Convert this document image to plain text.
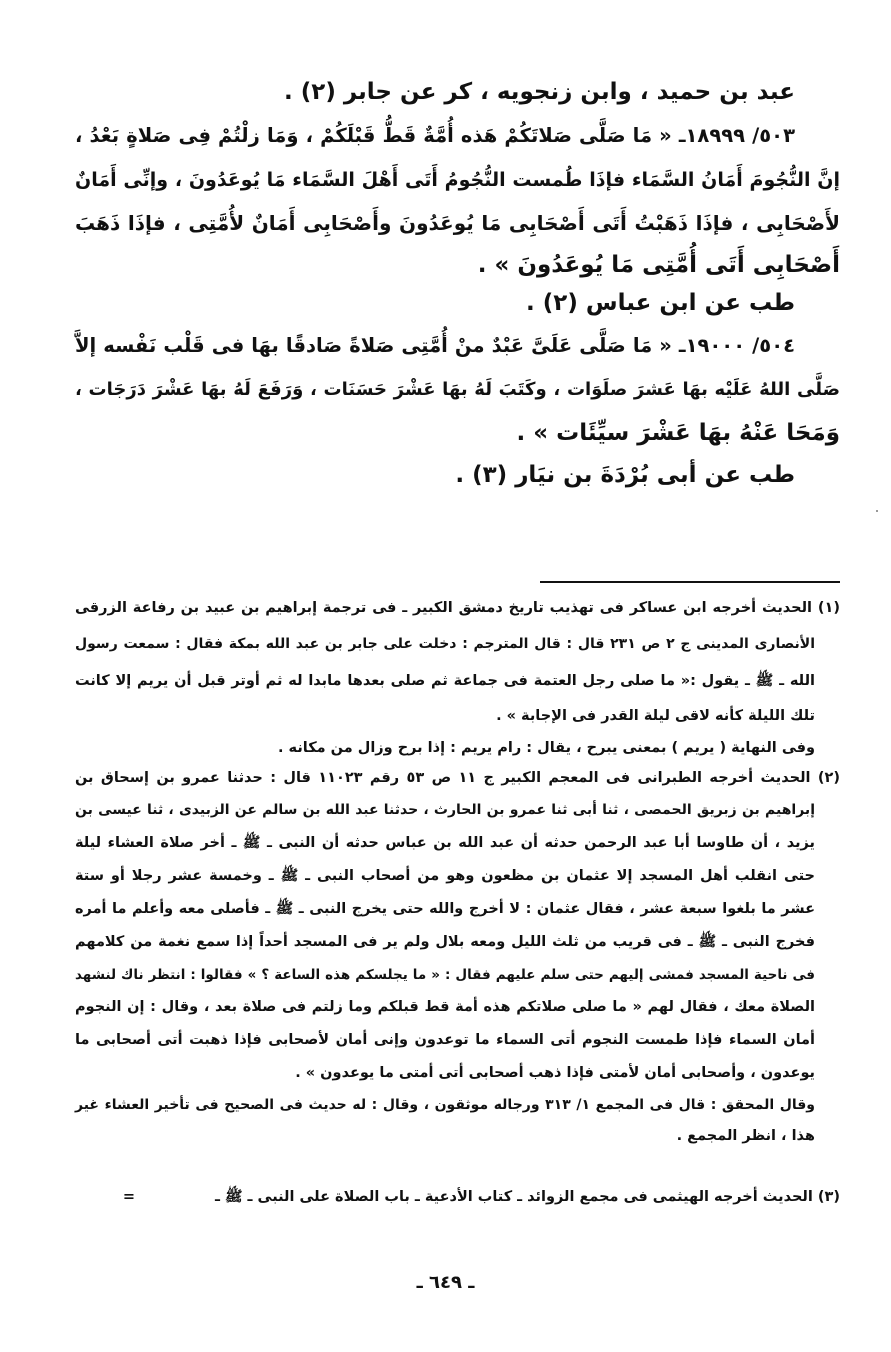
عبد بن حميد ، وابن زنجويه ، كر عن جابر (٢) .
٥٠٣/ ١٨٩٩٩ـ « مَا صَلَّى صَلاتَكُمْ هَذه أُمَّةٌ قَطُّ قَبْلَكُمْ ، وَمَا زلْتُمْ فِى صَلاةٍ بَعْدُ ،
إنَّ النُّجُومَ أَمَانُ السَّمَاء فإذَا طُمست النُّجُومُ أَتَى أَهْلَ السَّمَاء مَا يُوعَدُونَ ، وإنِّى أَمَانٌ
لأَصْحَابِى ، فإذَا ذَهَبْتُ أَتَى أَصْحَابِى مَا يُوعَدُونَ وأَصْحَابِى أَمَانٌ لأُمَّتِى ، فإذَا ذَهَبَ
أَصْحَابِى أَتَى أُمَّتِى مَا يُوعَدُونَ » .
طب عن ابن عباس (٢) .
٥٠٤/ ١٩٠٠٠ـ « مَا صَلَّى عَلَىَّ عَبْدٌ منْ أُمَّتِى صَلاةً صَادقًا بهَا فى قَلْب نَفْسه إلاَّ
صَلَّى اللهُ عَلَيْه بهَا عَشرَ صلَوَات ، وكَتَبَ لَهُ بهَا عَشْرَ حَسَنَات ، وَرَفَعَ لَهُ بهَا عَشْرَ دَرَجَات ،
وَمَحَا عَنْهُ بهَا عَشْرَ سيِّئَات » .
طب عن أبى بُرْدَةَ بن نيَار (٣) .
(١) الحديث أخرجه ابن عساكر فى تهذيب تاريخ دمشق الكبير ـ فى ترجمة إبراهيم بن عبيد بن رفاعة الزرقى
الأنصارى المدينى ج ٢ ص ٢٣١ قال : قال المترجم : دخلت على جابر بن عبد الله بمكة فقال : سمعت رسول
الله ـ ﷺ ـ يقول :« ما صلى رجل العتمة فى جماعة ثم صلى بعدها مابدا له ثم أوتر قبل أن يريم إلا كانت
تلك الليلة كأنه لاقى ليلة القدر فى الإجابة » .
وفى النهاية ( يريم ) بمعنى يبرح ، يقال : رام يريم : إذا برح وزال من مكانه .
(٢) الحديث أخرجه الطبرانى فى المعجم الكبير ج ١١ ص ٥٣ رقم ١١٠٢٣ قال : حدثنا عمرو بن إسحاق بن
إبراهيم بن زبريق الحمصى ، ثنا أبى ثنا عمرو بن الحارث ، حدثنا عبد الله بن سالم عن الزبيدى ، ثنا عيسى بن
يزيد ، أن طاوسا أبا عبد الرحمن حدثه أن عبد الله بن عباس حدثه أن النبى ـ ﷺ ـ أخر صلاة العشاء ليلة
حتى انقلب أهل المسجد إلا عثمان بن مظعون وهو من أصحاب النبى ـ ﷺ ـ وخمسة عشر رجلا أو ستة
عشر ما بلغوا سبعة عشر ، فقال عثمان : لا أخرج والله حتى يخرج النبى ـ ﷺ ـ فأصلى معه وأعلم ما أمره
فخرج النبى ـ ﷺ ـ فى قريب من ثلث الليل ومعه بلال ولم ير فى المسجد أحداً إذا سمع نغمة من كلامهم
فى ناحية المسجد فمشى إليهم حتى سلم عليهم فقال : « ما يجلسكم هذه الساعة ؟ » فقالوا : انتظر ناك لنشهد
الصلاة معك ، فقال لهم « ما صلى صلاتكم هذه أمة قط قبلكم وما زلتم فى صلاة بعد ، وقال : إن النجوم
أمان السماء فإذا طمست النجوم أتى السماء ما توعدون وإنى أمان لأصحابى فإذا ذهبت أتى أصحابى ما
يوعدون ، وأصحابى أمان لأمتى فإذا ذهب أصحابى أتى أمتى ما يوعدون » .
وقال المحقق : قال فى المجمع ١/ ٣١٣ ورجاله موثقون ، وقال : له حديث فى الصحيح فى تأخير العشاء غير
هذا ، انظر المجمع .
(٣) الحديث أخرجه الهيثمى فى مجمع الزوائد ـ كتاب الأدعية ـ باب الصلاة على النبى ـ ﷺ ـ
=
ـ ٦٤٩ ـ
